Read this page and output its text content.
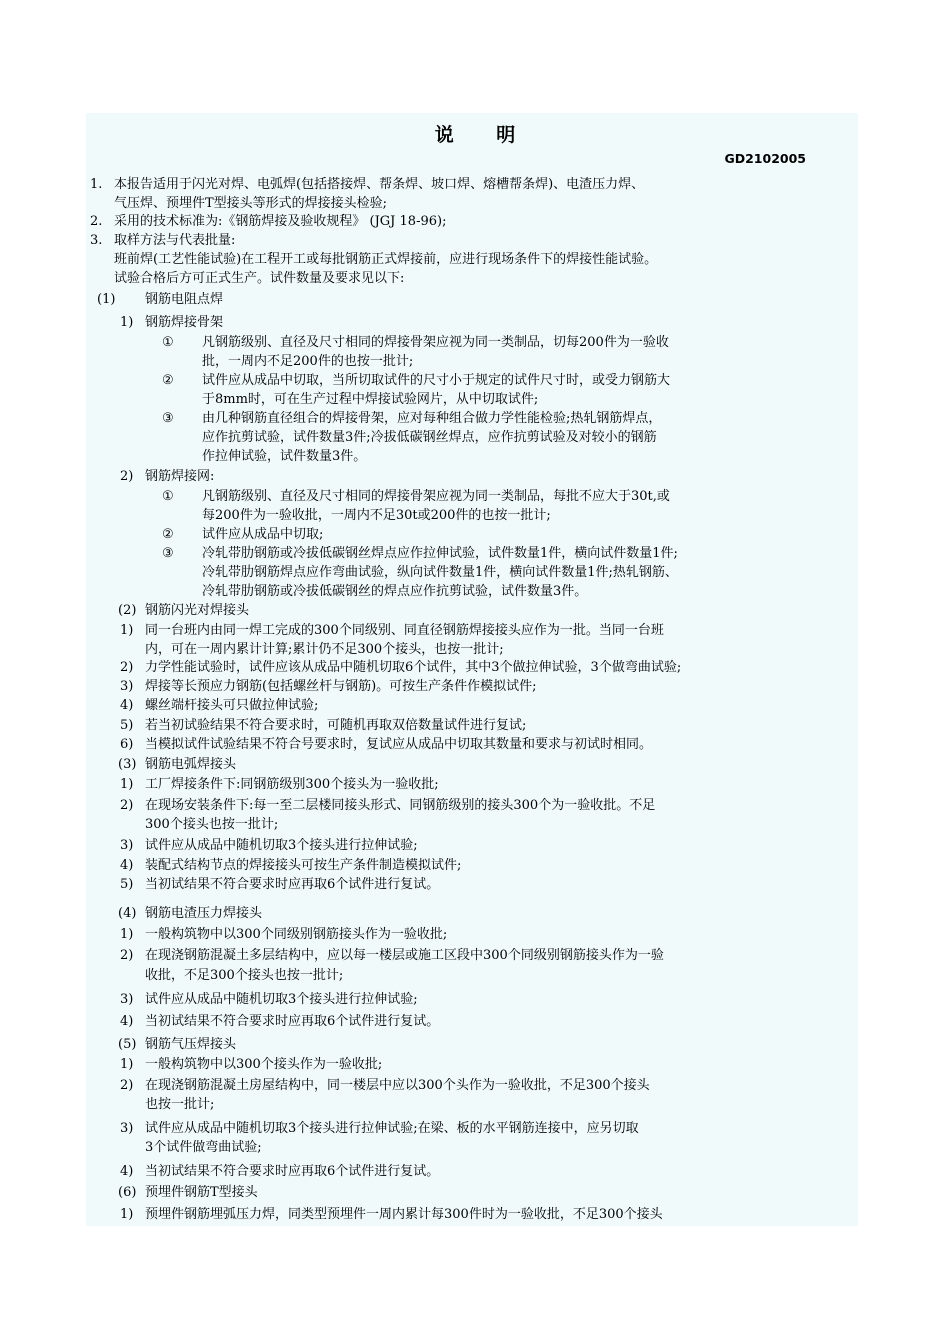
说 明
GD2102005
1. 本报告适用于闪光对焊、电弧焊(包括搭接焊、帮条焊、坡口焊、熔槽帮条焊)、电渣压力焊、
气压焊、预埋件T型接头等形式的焊接接头检验;
2. 采用的技术标准为:《钢筋焊接及验收规程》 (JGJ 18-96);
3. 取样方法与代表批量:
班前焊(工艺性能试验)在工程开工或每批钢筋正式焊接前，应进行现场条件下的焊接性能试验。
试验合格后方可正式生产。试件数量及要求见以下:
(1) 钢筋电阻点焊
1) 钢筋焊接骨架
① 凡钢筋级别、直径及尺寸相同的焊接骨架应视为同一类制品，切每200件为一验收
批，一周内不足200件的也按一批计;
② 试件应从成品中切取，当所切取试件的尺寸小于规定的试件尺寸时，或受力钢筋大
于8mm时，可在生产过程中焊接试验网片，从中切取试件;
③ 由几种钢筋直径组合的焊接骨架，应对每种组合做力学性能检验;热轧钢筋焊点，
应作抗剪试验，试件数量3件;冷拔低碳钢丝焊点，应作抗剪试验及对较小的钢筋
作拉伸试验，试件数量3件。
2) 钢筋焊接网:
① 凡钢筋级别、直径及尺寸相同的焊接骨架应视为同一类制品，每批不应大于30t,或
每200件为一验收批，一周内不足30t或200件的也按一批计;
② 试件应从成品中切取;
③ 冷轧带肋钢筋或冷拔低碳钢丝焊点应作拉伸试验，试件数量1件，横向试件数量1件;
冷轧带肋钢筋焊点应作弯曲试验，纵向试件数量1件，横向试件数量1件;热轧钢筋、
冷轧带肋钢筋或冷拔低碳钢丝的焊点应作抗剪试验，试件数量3件。
(2) 钢筋闪光对焊接头
1) 同一台班内由同一焊工完成的300个同级别、同直径钢筋焊接接头应作为一批。当同一台班
内，可在一周内累计计算;累计仍不足300个接头，也按一批计;
2) 力学性能试验时，试件应该从成品中随机切取6个试件，其中3个做拉伸试验，3个做弯曲试验;
3) 焊接等长预应力钢筋(包括螺丝杆与钢筋)。可按生产条件作模拟试件;
4) 螺丝端杆接头可只做拉伸试验;
5) 若当初试验结果不符合要求时，可随机再取双倍数量试件进行复试;
6) 当模拟试件试验结果不符合号要求时，复试应从成品中切取其数量和要求与初试时相同。
(3) 钢筋电弧焊接头
1) 工厂焊接条件下:同钢筋级别300个接头为一验收批;
2) 在现场安装条件下:每一至二层楼同接头形式、同钢筋级别的接头300个为一验收批。不足
300个接头也按一批计;
3) 试件应从成品中随机切取3个接头进行拉伸试验;
4) 装配式结构节点的焊接接头可按生产条件制造模拟试件;
5) 当初试结果不符合要求时应再取6个试件进行复试。
(4) 钢筋电渣压力焊接头
1) 一般构筑物中以300个同级别钢筋接头作为一验收批;
2) 在现浇钢筋混凝土多层结构中，应以每一楼层或施工区段中300个同级别钢筋接头作为一验
收批，不足300个接头也按一批计;
3) 试件应从成品中随机切取3个接头进行拉伸试验;
4) 当初试结果不符合要求时应再取6个试件进行复试。
(5) 钢筋气压焊接头
1) 一般构筑物中以300个接头作为一验收批;
2) 在现浇钢筋混凝土房屋结构中，同一楼层中应以300个头作为一验收批，不足300个接头
也按一批计;
3) 试件应从成品中随机切取3个接头进行拉伸试验;在梁、板的水平钢筋连接中，应另切取
3个试件做弯曲试验;
4) 当初试结果不符合要求时应再取6个试件进行复试。
(6) 预埋件钢筋T型接头
1) 预埋件钢筋埋弧压力焊，同类型预埋件一周内累计每300件时为一验收批，不足300个接头
